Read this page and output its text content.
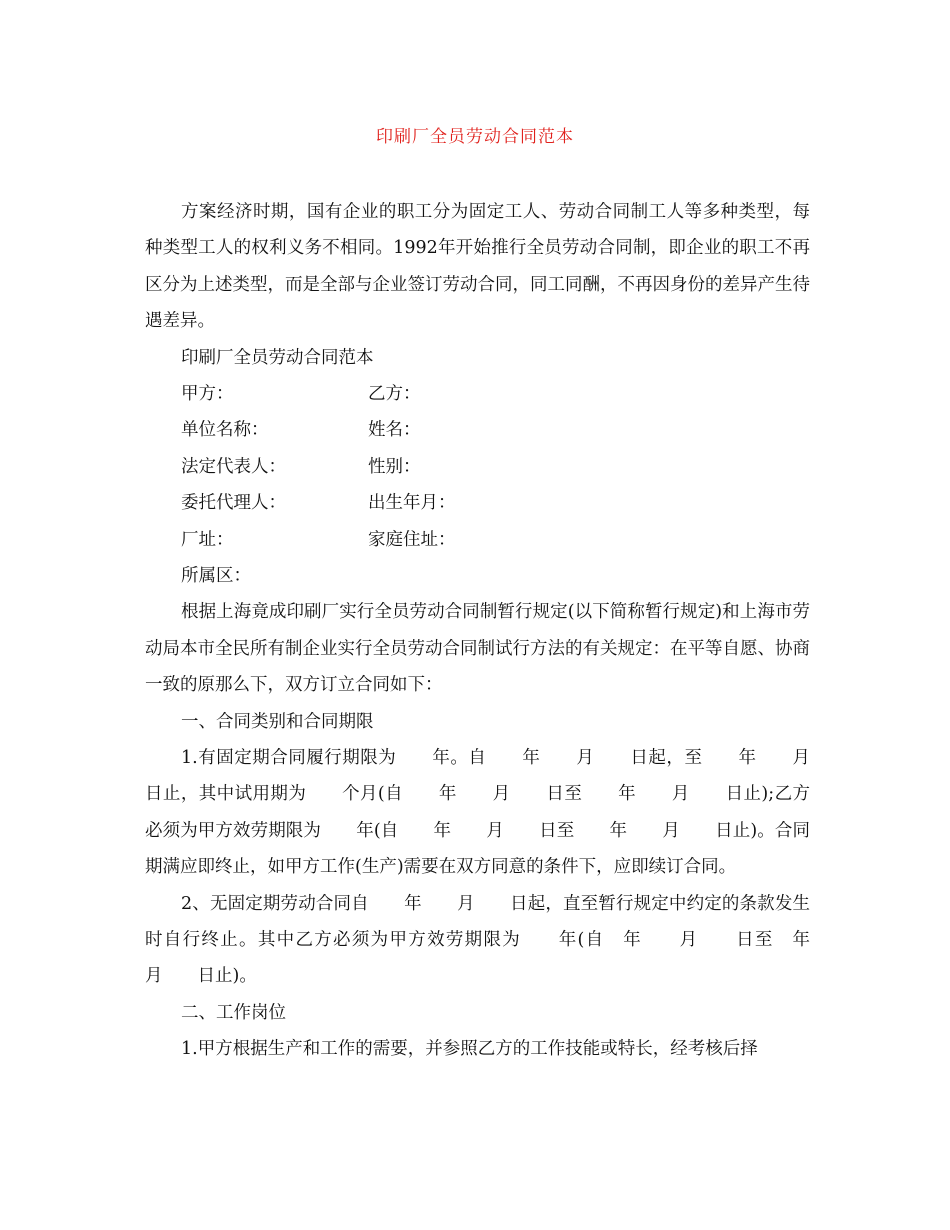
印刷厂全员劳动合同范本

方案经济时期，国有企业的职工分为固定工人、劳动合同制工人等多种类型，每种类型工人的权利义务不相同。1992年开始推行全员劳动合同制，即企业的职工不再区分为上述类型，而是全部与企业签订劳动合同，同工同酬，不再因身份的差异产生待遇差异。

印刷厂全员劳动合同范本

甲方：	乙方：
单位名称：	姓名：
法定代表人：	性别：
委托代理人：	出生年月：
厂址：	家庭住址：

所属区：

根据上海竟成印刷厂实行全员劳动合同制暂行规定(以下简称暂行规定)和上海市劳动局本市全民所有制企业实行全员劳动合同制试行方法的有关规定：在平等自愿、协商一致的原那么下，双方订立合同如下：

一、合同类别和合同期限

1.有固定期合同履行期限为　　年。自　　年　　月　　日起，至　　年　　月　　日止，其中试用期为　　个月(自　　年　　月　　日至　　年　　月　　日止);乙方必须为甲方效劳期限为　　年(自　　年　　月　　日至　　年　　月　　日止)。合同期满应即终止，如甲方工作(生产)需要在双方同意的条件下，应即续订合同。

2、无固定期劳动合同自　　年　　月　　日起，直至暂行规定中约定的条款发生时自行终止。其中乙方必须为甲方效劳期限为　　年(自　年　　月　　日至　年　　月　　日止)。

二、工作岗位

1.甲方根据生产和工作的需要，并参照乙方的工作技能或特长，经考核后择
